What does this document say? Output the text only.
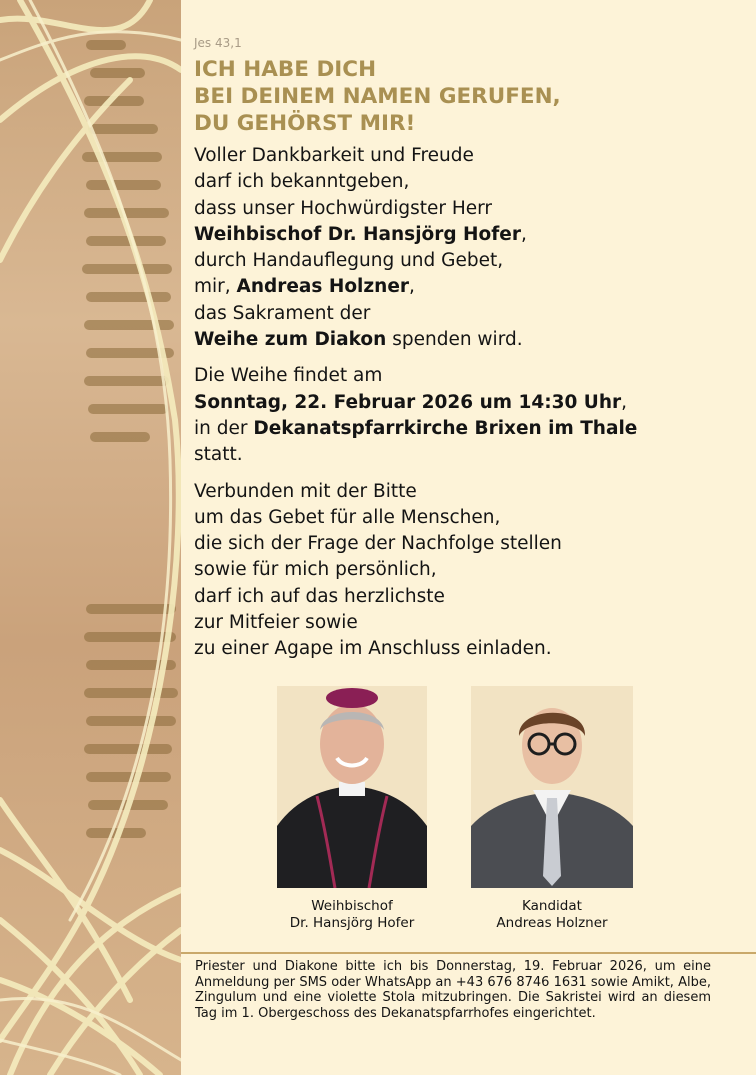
Jes 43,1
ICH HABE DICH
BEI DEINEM NAMEN GERUFEN,
DU GEHÖRST MIR!
Voller Dankbarkeit und Freude
darf ich bekanntgeben,
dass unser Hochwürdigster Herr
Weihbischof Dr. Hansjörg Hofer,
durch Handauflegung und Gebet,
mir, Andreas Holzner,
das Sakrament der
Weihe zum Diakon spenden wird.
Die Weihe findet am
Sonntag, 22. Februar 2026 um 14:30 Uhr,
in der Dekanatspfarrkirche Brixen im Thale
statt.
Verbunden mit der Bitte
um das Gebet für alle Menschen,
die sich der Frage der Nachfolge stellen
sowie für mich persönlich,
darf ich auf das herzlichste
zur Mitfeier sowie
zu einer Agape im Anschluss einladen.
Weihbischof
Dr. Hansjörg Hofer
Kandidat
Andreas Holzner
Priester und Diakone bitte ich bis Donnerstag, 19. Februar 2026, um eine Anmeldung per SMS oder WhatsApp an +43 676 8746 1631 sowie Amikt, Albe, Zingulum und eine violette Stola mitzubringen. Die Sakristei wird an diesem Tag im 1. Obergeschoss des Dekanatspfarrhofes eingerichtet.
